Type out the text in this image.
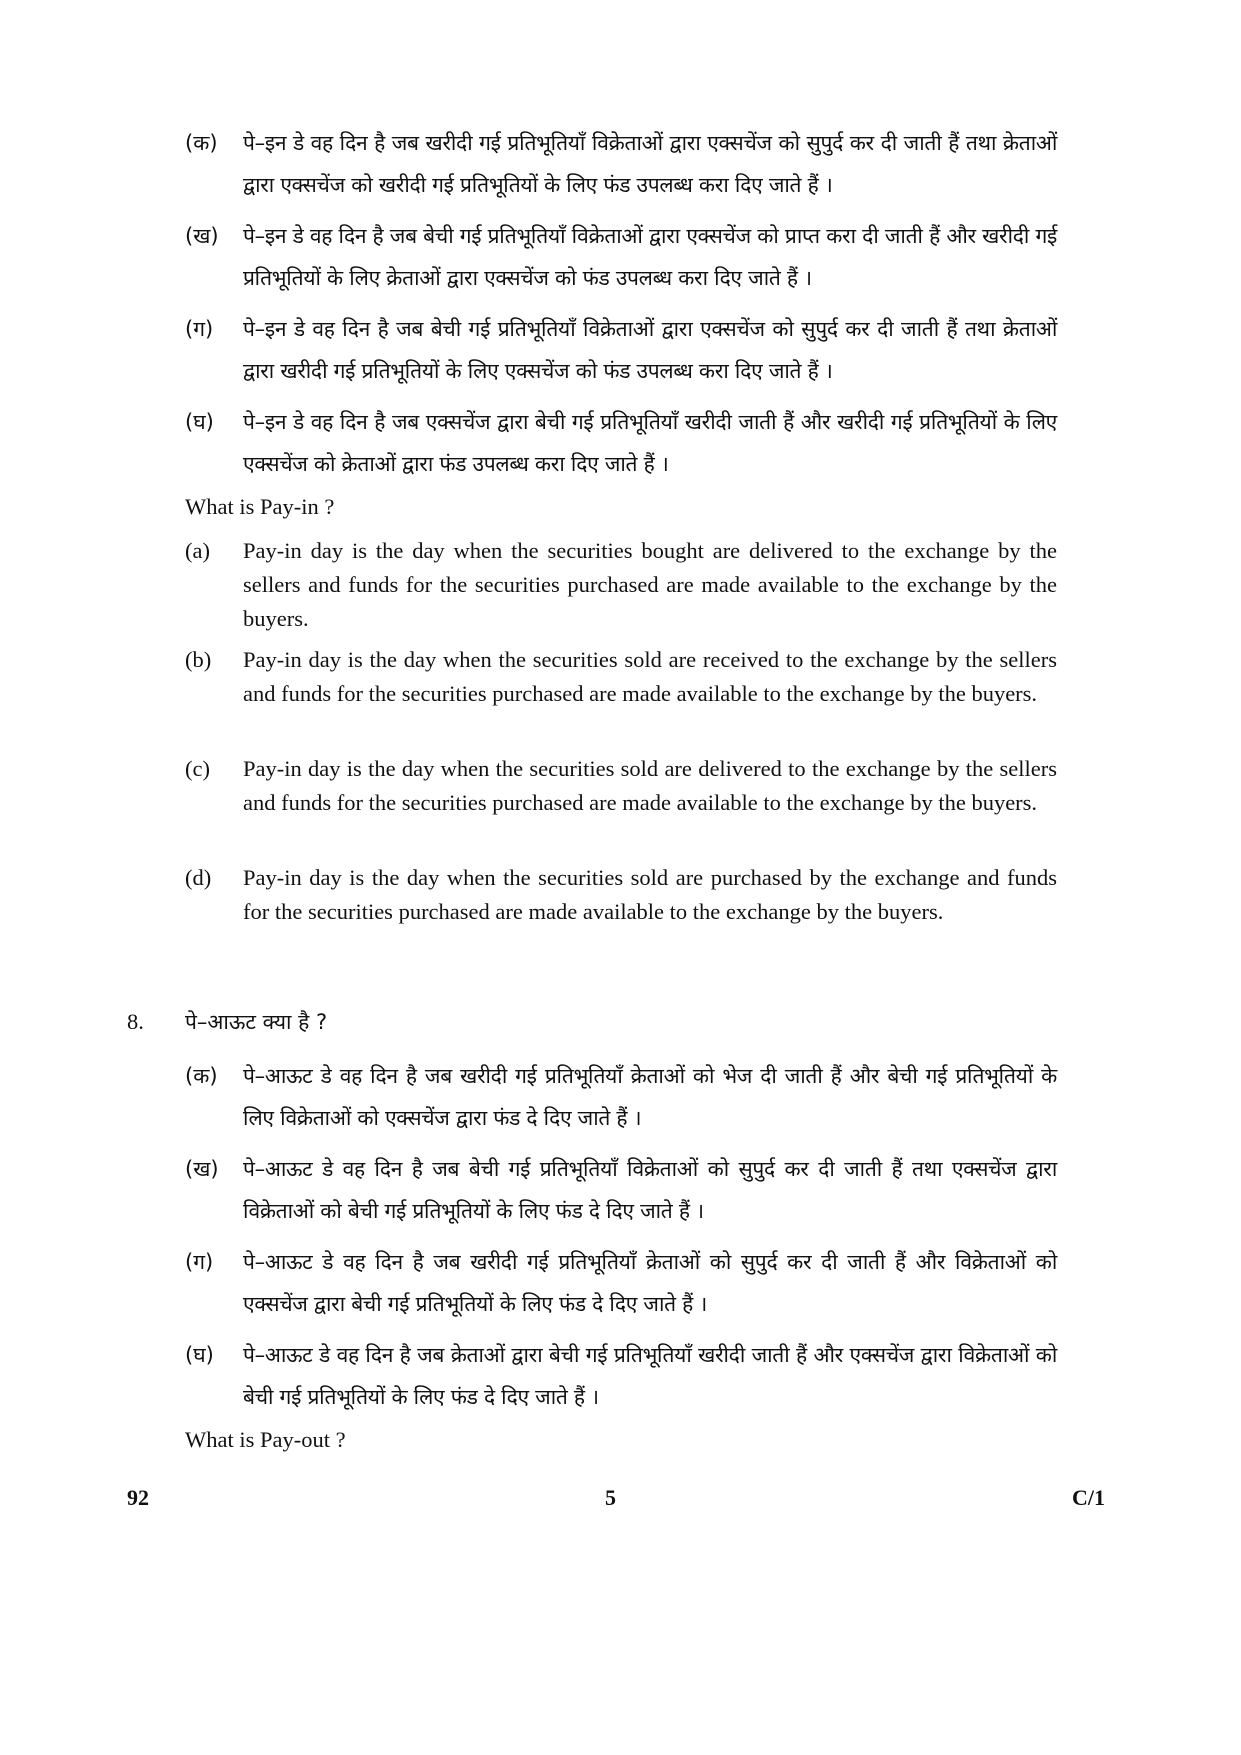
(क)	पे–इन डे वह दिन है जब खरीदी गई प्रतिभूतियाँ विक्रेताओं द्वारा एक्सचेंज को सुपुर्द कर दी जाती हैं तथा क्रेताओं द्वारा एक्सचेंज को खरीदी गई प्रतिभूतियों के लिए फंड उपलब्ध करा दिए जाते हैं ।
(ख)	पे–इन डे वह दिन है जब बेची गई प्रतिभूतियाँ विक्रेताओं द्वारा एक्सचेंज को प्राप्त करा दी जाती हैं और खरीदी गई प्रतिभूतियों के लिए क्रेताओं द्वारा एक्सचेंज को फंड उपलब्ध करा दिए जाते हैं ।
(ग)	पे–इन डे वह दिन है जब बेची गई प्रतिभूतियाँ विक्रेताओं द्वारा एक्सचेंज को सुपुर्द कर दी जाती हैं तथा क्रेताओं द्वारा खरीदी गई प्रतिभूतियों के लिए एक्सचेंज को फंड उपलब्ध करा दिए जाते हैं ।
(घ)	पे–इन डे वह दिन है जब एक्सचेंज द्वारा बेची गई प्रतिभूतियाँ खरीदी जाती हैं और खरीदी गई प्रतिभूतियों के लिए एक्सचेंज को क्रेताओं द्वारा फंड उपलब्ध करा दिए जाते हैं ।
What is Pay-in ?
(a)	Pay-in day is the day when the securities bought are delivered to the exchange by the sellers and funds for the securities purchased are made available to the exchange by the buyers.
(b)	Pay-in day is the day when the securities sold are received to the exchange by the sellers and funds for the securities purchased are made available to the exchange by the buyers.
(c)	Pay-in day is the day when the securities sold are delivered to the exchange by the sellers and funds for the securities purchased are made available to the exchange by the buyers.
(d)	Pay-in day is the day when the securities sold are purchased by the exchange and funds for the securities purchased are made available to the exchange by the buyers.
8. पे–आऊट क्या है ?
(क)	पे–आऊट डे वह दिन है जब खरीदी गई प्रतिभूतियाँ क्रेताओं को भेज दी जाती हैं और बेची गई प्रतिभूतियों के लिए विक्रेताओं को एक्सचेंज द्वारा फंड दे दिए जाते हैं ।
(ख)	पे–आऊट डे वह दिन है जब बेची गई प्रतिभूतियाँ विक्रेताओं को सुपुर्द कर दी जाती हैं तथा एक्सचेंज द्वारा विक्रेताओं को बेची गई प्रतिभूतियों के लिए फंड दे दिए जाते हैं ।
(ग)	पे–आऊट डे वह दिन है जब खरीदी गई प्रतिभूतियाँ क्रेताओं को सुपुर्द कर दी जाती हैं और विक्रेताओं को एक्सचेंज द्वारा बेची गई प्रतिभूतियों के लिए फंड दे दिए जाते हैं ।
(घ)	पे–आऊट डे वह दिन है जब क्रेताओं द्वारा बेची गई प्रतिभूतियाँ खरीदी जाती हैं और एक्सचेंज द्वारा विक्रेताओं को बेची गई प्रतिभूतियों के लिए फंड दे दिए जाते हैं ।
What is Pay-out ?
92	5	C/1
